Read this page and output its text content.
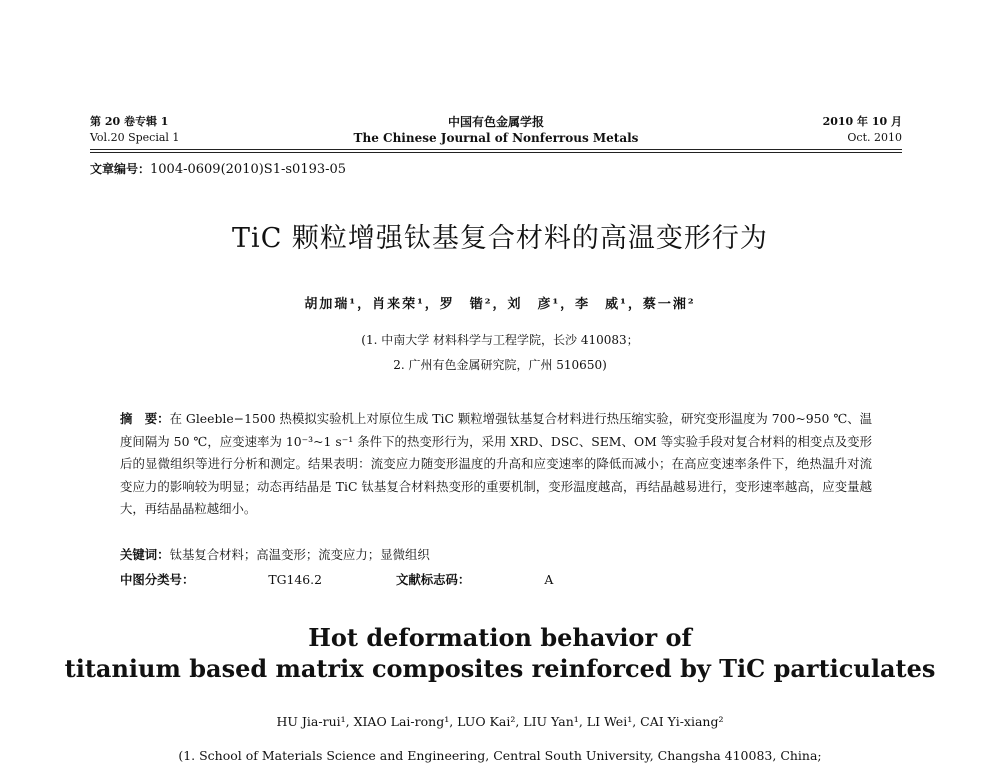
第 20 卷专辑 1
Vol.20 Special 1
中国有色金属学报
The Chinese Journal of Nonferrous Metals
2010 年 10 月
Oct. 2010
文章编号：1004-0609(2010)S1-s0193-05
TiC 颗粒增强钛基复合材料的高温变形行为
胡加瑞¹，肖来荣¹，罗　锴²，刘　彦¹，李　威¹，蔡一湘²
(1. 中南大学 材料科学与工程学院，长沙 410083；
2. 广州有色金属研究院，广州 510650)
摘　要：在 Gleeble−1500 热模拟实验机上对原位生成 TiC 颗粒增强钛基复合材料进行热压缩实验，研究变形温度为 700~950 ℃、温度间隔为 50 ℃，应变速率为 10⁻³~1 s⁻¹ 条件下的热变形行为，采用 XRD、DSC、SEM、OM 等实验手段对复合材料的相变点及变形后的显微组织等进行分析和测定。结果表明：流变应力随变形温度的升高和应变速率的降低而减小；在高应变速率条件下，绝热温升对流变应力的影响较为明显；动态再结晶是 TiC 钛基复合材料热变形的重要机制，变形温度越高，再结晶越易进行，变形速率越高，应变量越大，再结晶晶粒越细小。
关键词：钛基复合材料；高温变形；流变应力；显微组织
中图分类号：	TG146.2	文献标志码：	A
Hot deformation behavior of
titanium based matrix composites reinforced by TiC particulates
HU Jia-rui¹, XIAO Lai-rong¹, LUO Kai², LIU Yan¹, LI Wei¹, CAI Yi-xiang²
(1. School of Materials Science and Engineering, Central South University, Changsha 410083, China;
